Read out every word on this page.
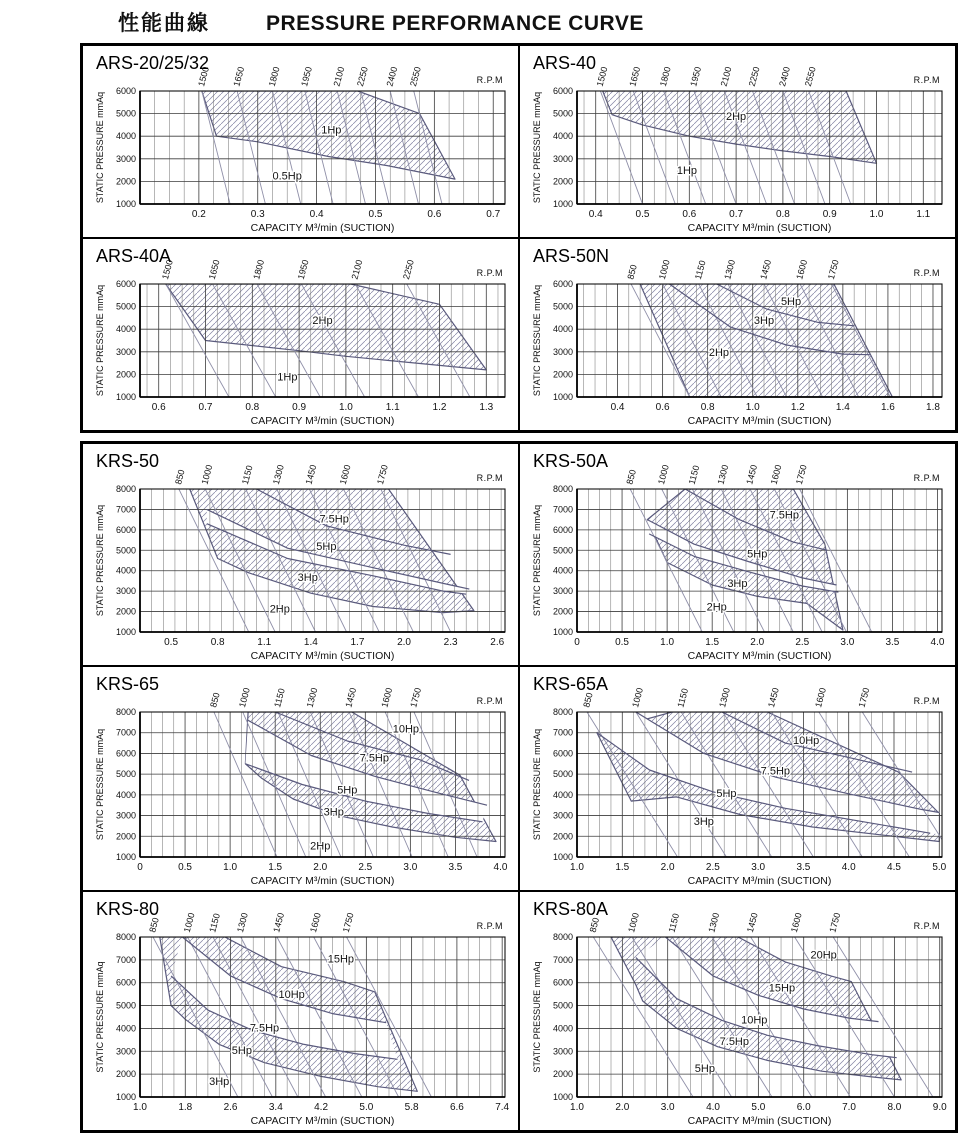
性能曲線	PRESSURE PERFORMANCE CURVE
6000
5000
4000
3000
2000
1000
0.2	0.3	0.4	0.5	0.6	0.7
STATIC PRESSURE mmAq
CAPACITY M³/min (SUCTION)
1500 1650 1800 1950 2100 2250 2400 2550	R.P.M
ARS-20/25/32
1Hp
0.5Hp
6000
5000
4000
3000
2000
1000
0.4	0.5	0.6	0.7	0.8	0.9	1.0	1.1
STATIC PRESSURE mmAq
CAPACITY M³/min (SUCTION)
1500 1650 1800 1950 2100 2250 2400 2550	R.P.M
ARS-40
2Hp
1Hp
6000
5000
4000
3000
2000
1000
0.6	0.7	0.8	0.9	1.0	1.1	1.2	1.3
STATIC PRESSURE mmAq
CAPACITY M³/min (SUCTION)
1500	1650	1800	1950	2100	2250	R.P.M
ARS-40A
2Hp
1Hp
6000
5000
4000
3000
2000
1000
0.4	0.6	0.8	1.0	1.2	1.4	1.6	1.8
STATIC PRESSURE mmAq
CAPACITY M³/min (SUCTION)
850 1000 1150 1300 1450 1600 1750	R.P.M
ARS-50N
5Hp
3Hp
2Hp
8000
7000
6000
5000
4000
3000
2000
1000
0.5	0.8	1.1	1.4	1.7	2.0	2.3	2.6
STATIC PRESSURE mmAq
CAPACITY M³/min (SUCTION)
850 1000	1150 1300 1450 1600 1750	R.P.M
KRS-50
7.5Hp
5Hp
3Hp
2Hp
8000
7000
6000
5000
4000
3000
2000
1000
0	0.5	1.0	1.5	2.0	2.5	3.0	3.5	4.0
STATIC PRESSURE mmAq
CAPACITY M³/min (SUCTION)
850 1000 1150 1300 1450 1600 1750	R.P.M
KRS-50A
7.5Hp
5Hp
3Hp
2Hp
8000
7000
6000
5000
4000
3000
2000
1000
0	0.5	1.0	1.5	2.0	2.5	3.0	3.5	4.0
STATIC PRESSURE mmAq
CAPACITY M³/min (SUCTION)
850 1000 1150 1300	1450 1600 1750	R.P.M
KRS-65
10Hp
7.5Hp
5Hp
3Hp
2Hp
8000
7000
6000
5000
4000
3000
2000
1000
1.0	1.5	2.0	2.5	3.0	3.5	4.0	4.5	5.0
STATIC PRESSURE mmAq
CAPACITY M³/min (SUCTION)
850	1000	1150	1300	1450	1600	1750	R.P.M
KRS-65A
10Hp
7.5Hp
5Hp
3Hp
8000
7000
6000
5000
4000
3000
2000
1000
1.0	1.8	2.6	3.4	4.2	5.0	5.8	6.6	7.4
STATIC PRESSURE mmAq
CAPACITY M³/min (SUCTION)
850 1000 1150 1300 1450 1600 1750	R.P.M
KRS-80
15Hp
10Hp
7.5Hp
5Hp
3Hp
8000
7000
6000
5000
4000
3000
2000
1000
1.0	2.0	3.0	4.0	5.0	6.0	7.0	8.0	9.0
STATIC PRESSURE mmAq
CAPACITY M³/min (SUCTION)
850	1000	1150	1300	1450	1600	1750	R.P.M
KRS-80A
20Hp
15Hp
10Hp
7.5Hp
5Hp
